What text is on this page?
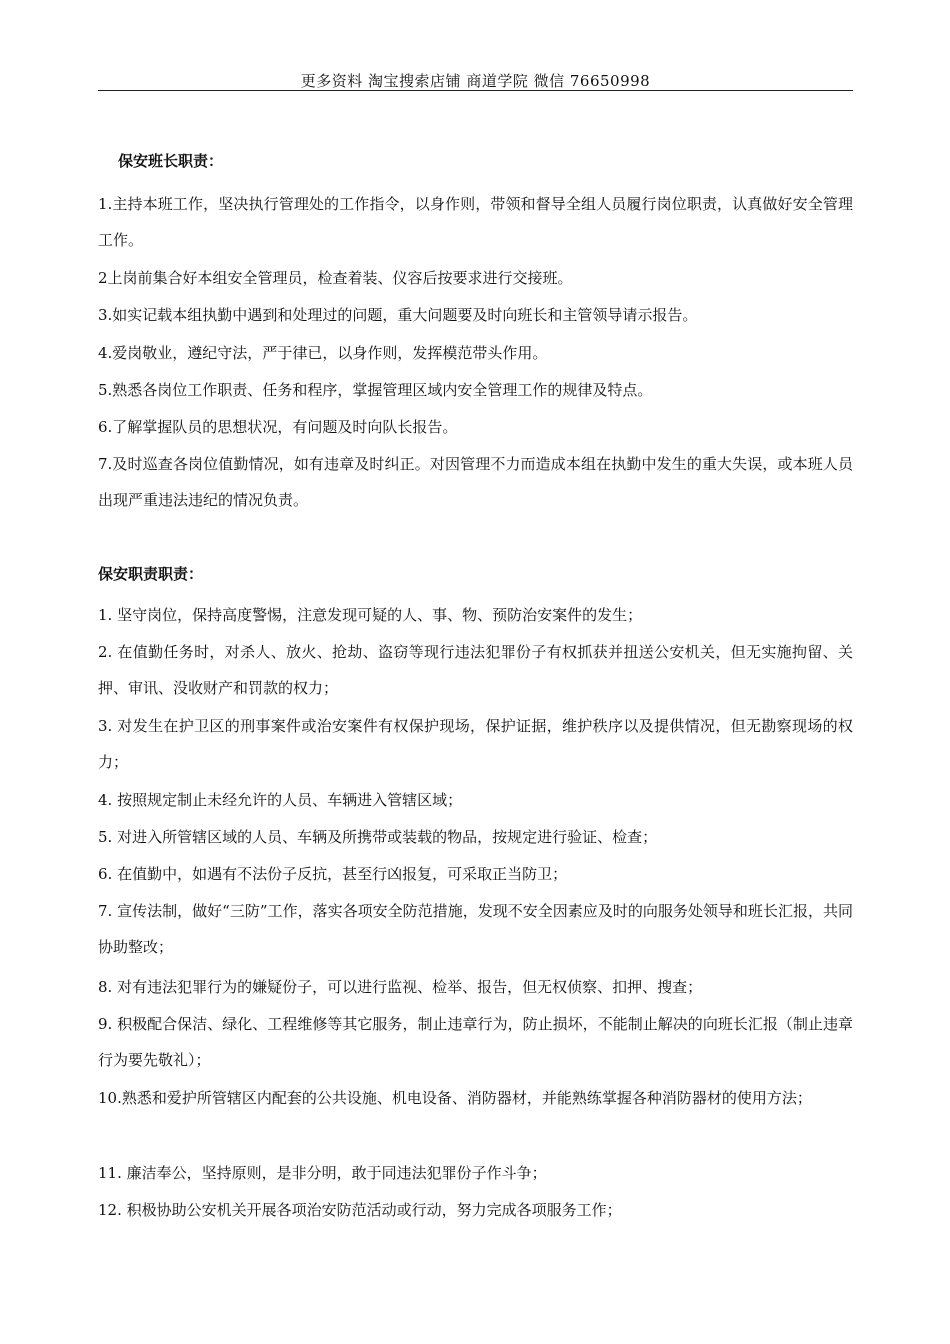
更多资料 淘宝搜索店铺 商道学院 微信 76650998
保安班长职责：

1.主持本班工作，坚决执行管理处的工作指令，以身作则，带领和督导全组人员履行岗位职责，认真做好安全管理工作。

2上岗前集合好本组安全管理员，检查着装、仪容后按要求进行交接班。

3.如实记载本组执勤中遇到和处理过的问题，重大问题要及时向班长和主管领导请示报告。

4.爱岗敬业，遵纪守法，严于律已，以身作则，发挥模范带头作用。

5.熟悉各岗位工作职责、任务和程序，掌握管理区域内安全管理工作的规律及特点。

6.了解掌握队员的思想状况，有问题及时向队长报告。

7.及时巡查各岗位值勤情况，如有违章及时纠正。对因管理不力而造成本组在执勤中发生的重大失误，或本班人员出现严重违法违纪的情况负责。

保安职责职责：

1. 坚守岗位，保持高度警惕，注意发现可疑的人、事、物、预防治安案件的发生；

2. 在值勤任务时，对杀人、放火、抢劫、盗窃等现行违法犯罪份子有权抓获并扭送公安机关，但无实施拘留、关押、审讯、没收财产和罚款的权力；

3. 对发生在护卫区的刑事案件或治安案件有权保护现场，保护证据，维护秩序以及提供情况，但无勘察现场的权力；

4. 按照规定制止未经允许的人员、车辆进入管辖区域；

5. 对进入所管辖区域的人员、车辆及所携带或装载的物品，按规定进行验证、检查；

6. 在值勤中，如遇有不法份子反抗，甚至行凶报复，可采取正当防卫；

7. 宣传法制，做好“三防”工作，落实各项安全防范措施，发现不安全因素应及时的向服务处领导和班长汇报，共同协助整改；

8. 对有违法犯罪行为的嫌疑份子，可以进行监视、检举、报告，但无权侦察、扣押、搜查；

9. 积极配合保洁、绿化、工程维修等其它服务，制止违章行为，防止损坏，不能制止解决的向班长汇报（制止违章行为要先敬礼）；

10.熟悉和爱护所管辖区内配套的公共设施、机电设备、消防器材，并能熟练掌握各种消防器材的使用方法；

11. 廉洁奉公，坚持原则，是非分明，敢于同违法犯罪份子作斗争；

12. 积极协助公安机关开展各项治安防范活动或行动，努力完成各项服务工作；
